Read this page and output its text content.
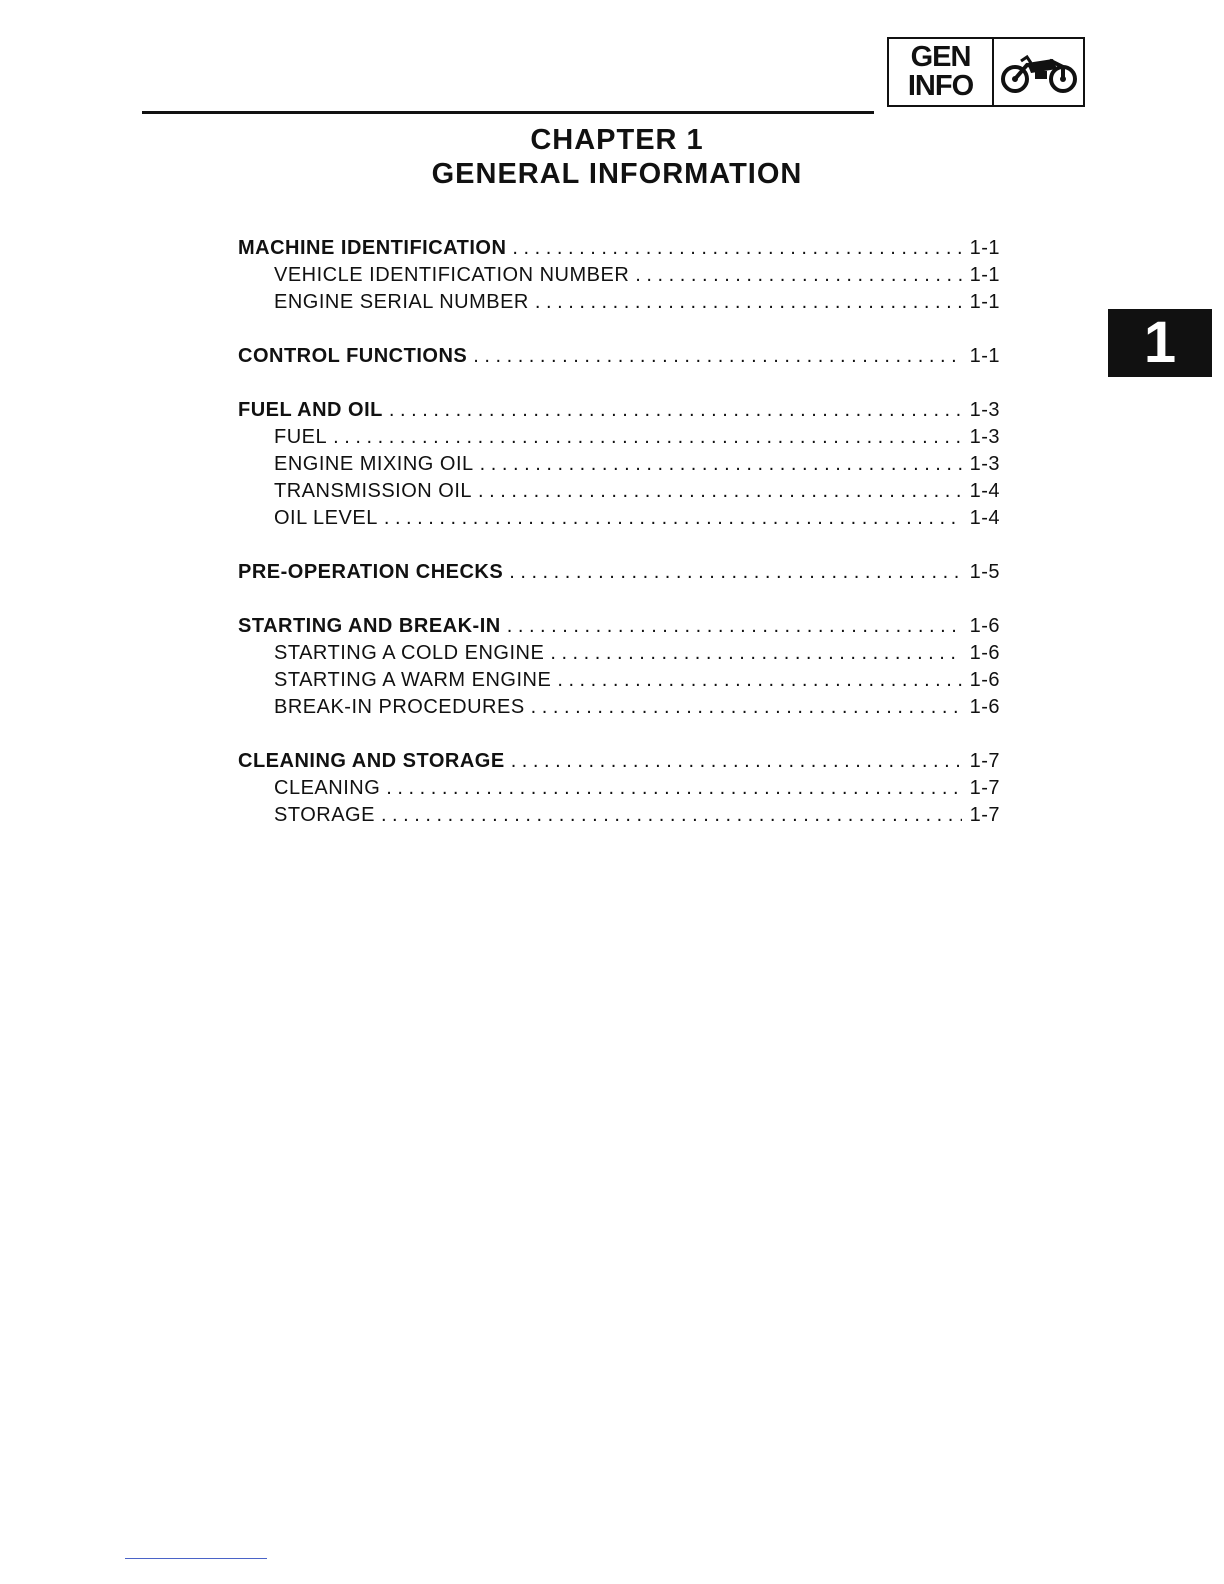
GEN
INFO
1
CHAPTER 1
GENERAL INFORMATION
MACHINE IDENTIFICATION . . .	1-1
VEHICLE IDENTIFICATION NUMBER . . .	1-1
ENGINE SERIAL NUMBER . . .	1-1
CONTROL FUNCTIONS . . .	1-1
FUEL AND OIL . . .	1-3
FUEL . . .	1-3
ENGINE MIXING OIL . . .	1-3
TRANSMISSION OIL . . .	1-4
OIL LEVEL . . .	1-4
PRE-OPERATION CHECKS . . .	1-5
STARTING AND BREAK-IN . . .	1-6
STARTING A COLD ENGINE . . .	1-6
STARTING A WARM ENGINE . . .	1-6
BREAK-IN PROCEDURES . . .	1-6
CLEANING AND STORAGE . . .	1-7
CLEANING . . .	1-7
STORAGE . . .	1-7
